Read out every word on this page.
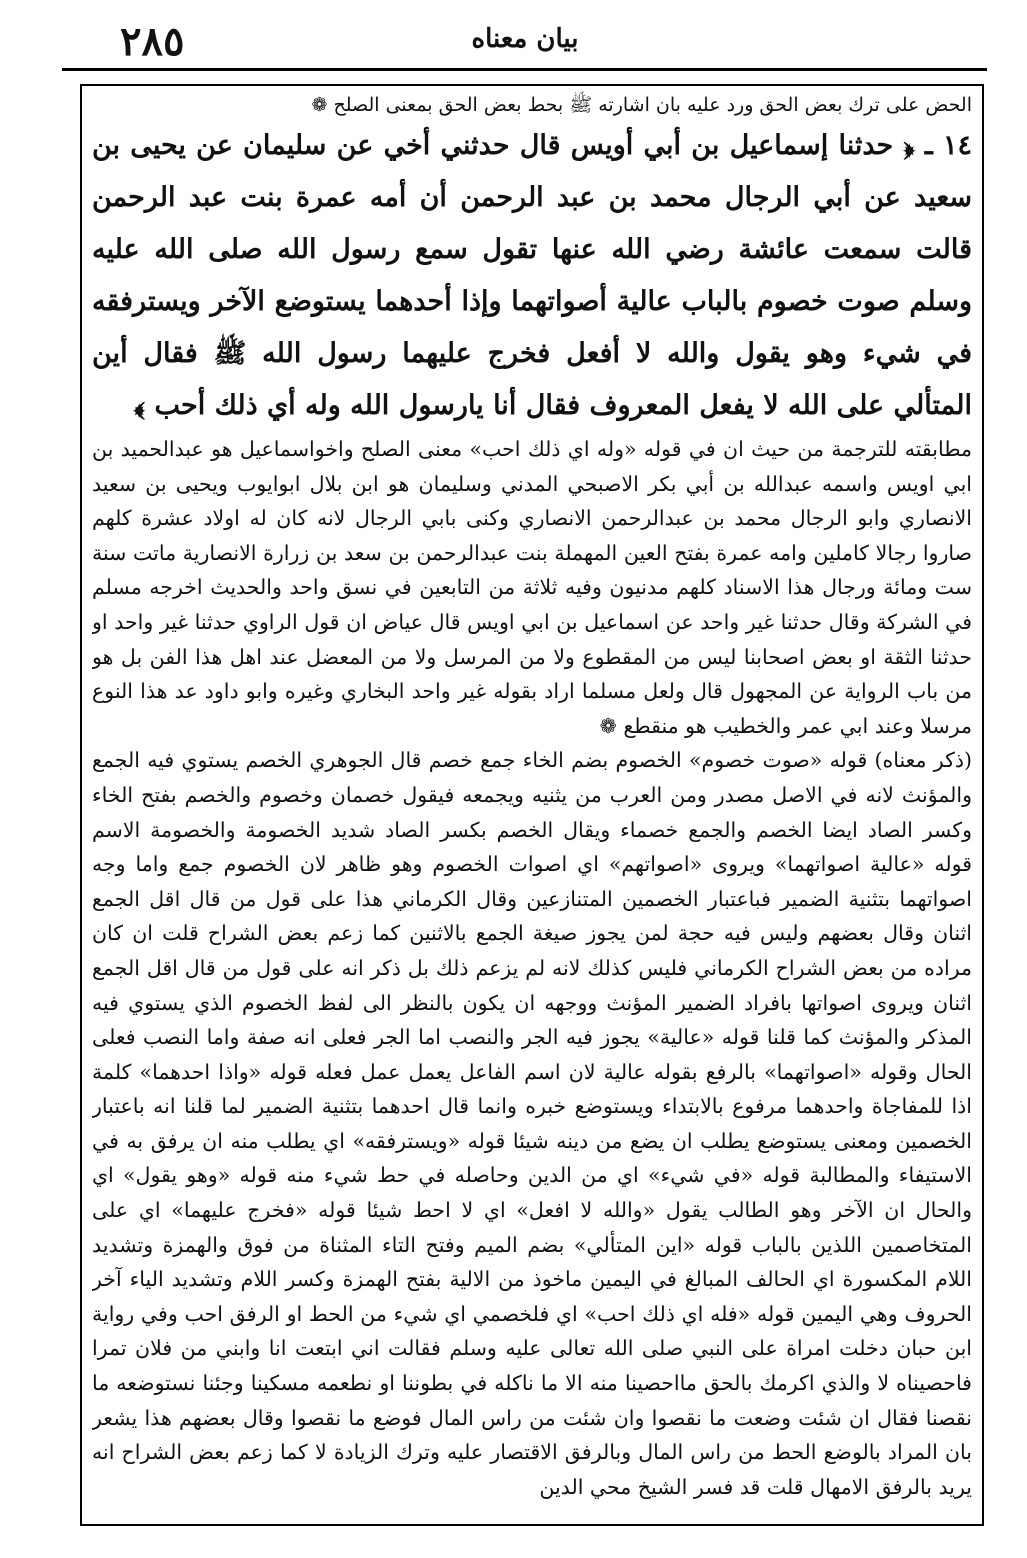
٢٨٥	بيان معناه

الحض على ترك بعض الحق ورد عليه بان اشارته ﷺ بحط بعض الحق بمعنى الصلح ❁

١٤ ـ ﴿ حدثنا إسماعيل بن أبي أويس قال حدثني أخي عن سليمان عن يحيى بن سعيد عن أبي الرجال محمد بن عبد الرحمن أن أمه عمرة بنت عبد الرحمن قالت سمعت عائشة رضي الله عنها تقول سمع رسول الله صلى الله عليه وسلم صوت خصوم بالباب عالية أصواتهما وإذا أحدهما يستوضع الآخر ويسترفقه في شيء وهو يقول والله لا أفعل فخرج عليهما رسول الله ﷺ فقال أين المتألي على الله لا يفعل المعروف فقال أنا يارسول الله وله أي ذلك أحب ﴾

مطابقته للترجمة من حيث ان في قوله «وله اي ذلك احب» معنى الصلح واخواسماعيل هو عبدالحميد بن ابي اويس واسمه عبدالله بن أبي بكر الاصبحي المدني وسليمان هو ابن بلال ابوايوب ويحيى بن سعيد الانصاري وابو الرجال محمد بن عبدالرحمن الانصاري وكنى بابي الرجال لانه كان له اولاد عشرة كلهم صاروا رجالا كاملين وامه عمرة بفتح العين المهملة بنت عبدالرحمن بن سعد بن زرارة الانصارية ماتت سنة ست ومائة ورجال هذا الاسناد كلهم مدنيون وفيه ثلاثة من التابعين في نسق واحد والحديث اخرجه مسلم في الشركة وقال حدثنا غير واحد عن اسماعيل بن ابي اويس قال عياض ان قول الراوي حدثنا غير واحد او حدثنا الثقة او بعض اصحابنا ليس من المقطوع ولا من المرسل ولا من المعضل عند اهل هذا الفن بل هو من باب الرواية عن المجهول قال ولعل مسلما اراد بقوله غير واحد البخاري وغيره وابو داود عد هذا النوع مرسلا وعند ابي عمر والخطيب هو منقطع ❁

(ذكر معناه) قوله «صوت خصوم» الخصوم بضم الخاء جمع خصم قال الجوهري الخصم يستوي فيه الجمع والمؤنث لانه في الاصل مصدر ومن العرب من يثنيه ويجمعه فيقول خصمان وخصوم والخصم بفتح الخاء وكسر الصاد ايضا الخصم والجمع خصماء ويقال الخصم بكسر الصاد شديد الخصومة والخصومة الاسم قوله «عالية اصواتهما» ويروى «اصواتهم» اي اصوات الخصوم وهو ظاهر لان الخصوم جمع واما وجه اصواتهما بتثنية الضمير فباعتبار الخصمين المتنازعين وقال الكرماني هذا على قول من قال اقل الجمع اثنان وقال بعضهم وليس فيه حجة لمن يجوز صيغة الجمع بالاثنين كما زعم بعض الشراح قلت ان كان مراده من بعض الشراح الكرماني فليس كذلك لانه لم يزعم ذلك بل ذكر انه على قول من قال اقل الجمع اثنان ويروى اصواتها بافراد الضمير المؤنث ووجهه ان يكون بالنظر الى لفظ الخصوم الذي يستوي فيه المذكر والمؤنث كما قلنا قوله «عالية» يجوز فيه الجر والنصب اما الجر فعلى انه صفة واما النصب فعلى الحال وقوله «اصواتهما» بالرفع بقوله عالية لان اسم الفاعل يعمل عمل فعله قوله «واذا احدهما» كلمة اذا للمفاجاة واحدهما مرفوع بالابتداء ويستوضع خبره وانما قال احدهما بتثنية الضمير لما قلنا انه باعتبار الخصمين ومعنى يستوضع يطلب ان يضع من دينه شيئا قوله «ويسترفقه» اي يطلب منه ان يرفق به في الاستيفاء والمطالبة قوله «في شيء» اي من الدين وحاصله في حط شيء منه قوله «وهو يقول» اي والحال ان الآخر وهو الطالب يقول «والله لا افعل» اي لا احط شيئا قوله «فخرج عليهما» اي على المتخاصمين اللذين بالباب قوله «اين المتألي» بضم الميم وفتح التاء المثناة من فوق والهمزة وتشديد اللام المكسورة اي الحالف المبالغ في اليمين ماخوذ من الالية بفتح الهمزة وكسر اللام وتشديد الياء آخر الحروف وهي اليمين قوله «فله اي ذلك احب» اي فلخصمي اي شيء من الحط او الرفق احب وفي رواية ابن حبان دخلت امراة على النبي صلى الله تعالى عليه وسلم فقالت اني ابتعت انا وابني من فلان تمرا فاحصيناه لا والذي اكرمك بالحق مااحصينا منه الا ما ناكله في بطوننا او نطعمه مسكينا وجئنا نستوضعه ما نقصنا فقال ان شئت وضعت ما نقصوا وان شئت من راس المال فوضع ما نقصوا وقال بعضهم هذا يشعر بان المراد بالوضع الحط من راس المال وبالرفق الاقتصار عليه وترك الزيادة لا كما زعم بعض الشراح انه يريد بالرفق الامهال قلت قد فسر الشيخ محي الدين
